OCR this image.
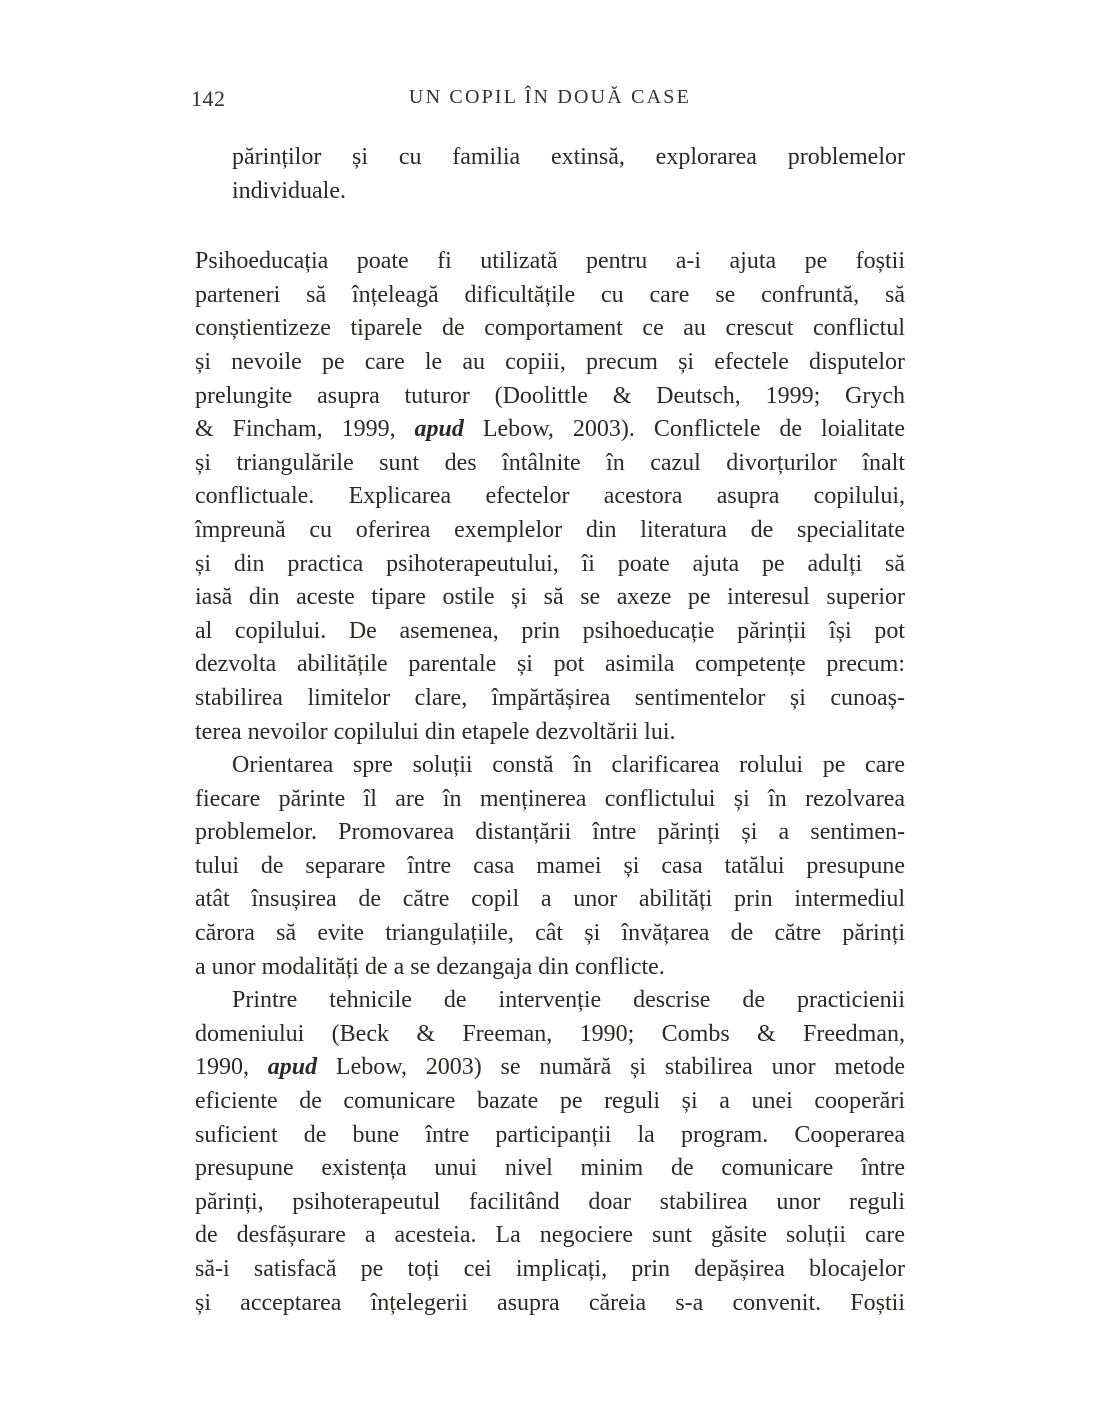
142	UN COPIL ÎN DOUĂ CASE
părinților și cu familia extinsă, explorarea problemelor
individuale.
Psihoeducația poate fi utilizată pentru a-i ajuta pe foștii
parteneri să înțeleagă dificultățile cu care se confruntă, să
conștientizeze tiparele de comportament ce au crescut conflictul
și nevoile pe care le au copiii, precum și efectele disputelor
prelungite asupra tuturor (Doolittle & Deutsch, 1999; Grych
& Fincham, 1999, apud Lebow, 2003). Conflictele de loialitate
și triangulările sunt des întâlnite în cazul divorțurilor înalt
conflictuale. Explicarea efectelor acestora asupra copilului,
împreună cu oferirea exemplelor din literatura de specialitate
și din practica psihoterapeutului, îi poate ajuta pe adulți să
iasă din aceste tipare ostile și să se axeze pe interesul superior
al copilului. De asemenea, prin psihoeducație părinții își pot
dezvolta abilitățile parentale și pot asimila competențe precum:
stabilirea limitelor clare, împărtășirea sentimentelor și cunoaș-
terea nevoilor copilului din etapele dezvoltării lui.
Orientarea spre soluții constă în clarificarea rolului pe care
fiecare părinte îl are în menținerea conflictului și în rezolvarea
problemelor. Promovarea distanțării între părinți și a sentimen-
tului de separare între casa mamei și casa tatălui presupune
atât însușirea de către copil a unor abilități prin intermediul
cărora să evite triangulațiile, cât și învățarea de către părinți
a unor modalități de a se dezangaja din conflicte.
Printre tehnicile de intervenție descrise de practicienii
domeniului (Beck & Freeman, 1990; Combs & Freedman,
1990, apud Lebow, 2003) se numără și stabilirea unor metode
eficiente de comunicare bazate pe reguli și a unei cooperări
suficient de bune între participanții la program. Cooperarea
presupune existența unui nivel minim de comunicare între
părinți, psihoterapeutul facilitând doar stabilirea unor reguli
de desfășurare a acesteia. La negociere sunt găsite soluții care
să-i satisfacă pe toți cei implicați, prin depășirea blocajelor
și acceptarea înțelegerii asupra căreia s-a convenit. Foștii
